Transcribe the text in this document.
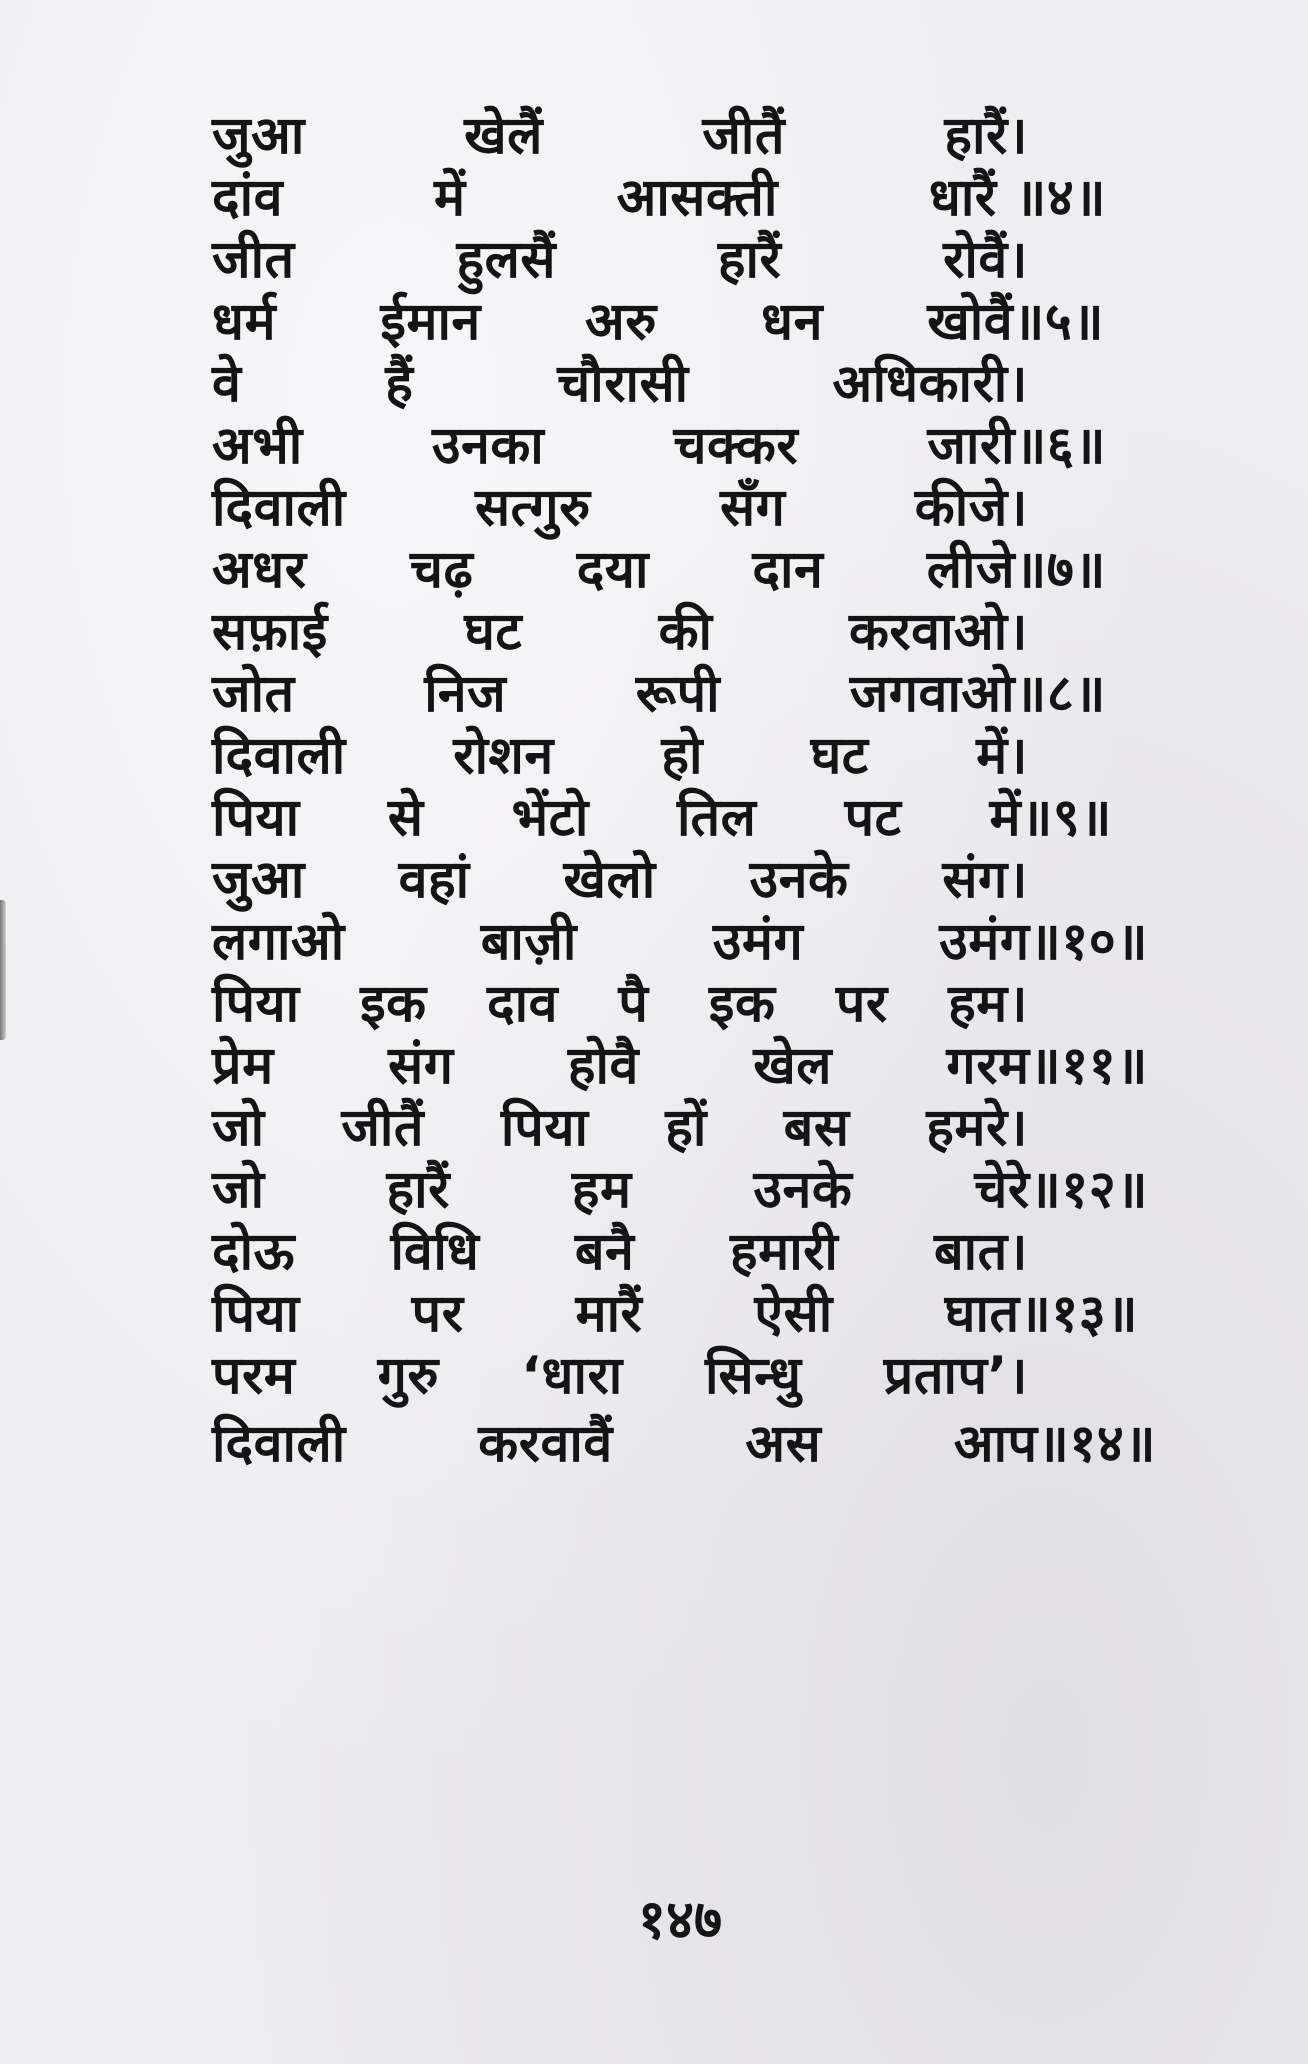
जुआ	खेलैं	जीतैं	हारैं।
दांव	में	आसक्ती	धारैं ॥४॥
जीत	हुलसैं	हारैं	रोवैं।
धर्म ईमान अरु धन खोवैं॥५॥
वे	हैं	चौरासी	अधिकारी।
अभी उनका चक्कर जारी॥६॥
दिवाली सत्गुरु सँग कीजे।
अधर चढ़ दया दान लीजे॥७॥
सफ़ाई	घट	की	करवाओ।
जोत निज रूपी जगवाओ॥८॥
दिवाली रोशन हो घट में।
पिया से भेंटो तिल पट में॥९॥
जुआ वहां खेलो उनके संग।
लगाओ	बाज़ी	उमंग	उमंग॥१०॥
पिया इक दाव पै इक पर हम।
प्रेम संग होवै खेल गरम॥११॥
जो जीतैं पिया हों बस हमरे।
जो हारैं हम उनके चेरे॥१२॥
दोऊ विधि बनै हमारी बात।
पिया पर मारैं ऐसी घात॥१३॥
परम गुरु ‘धारा सिन्धु प्रताप’।
दिवाली	करवावैं	अस	आप॥१४॥
१४७
